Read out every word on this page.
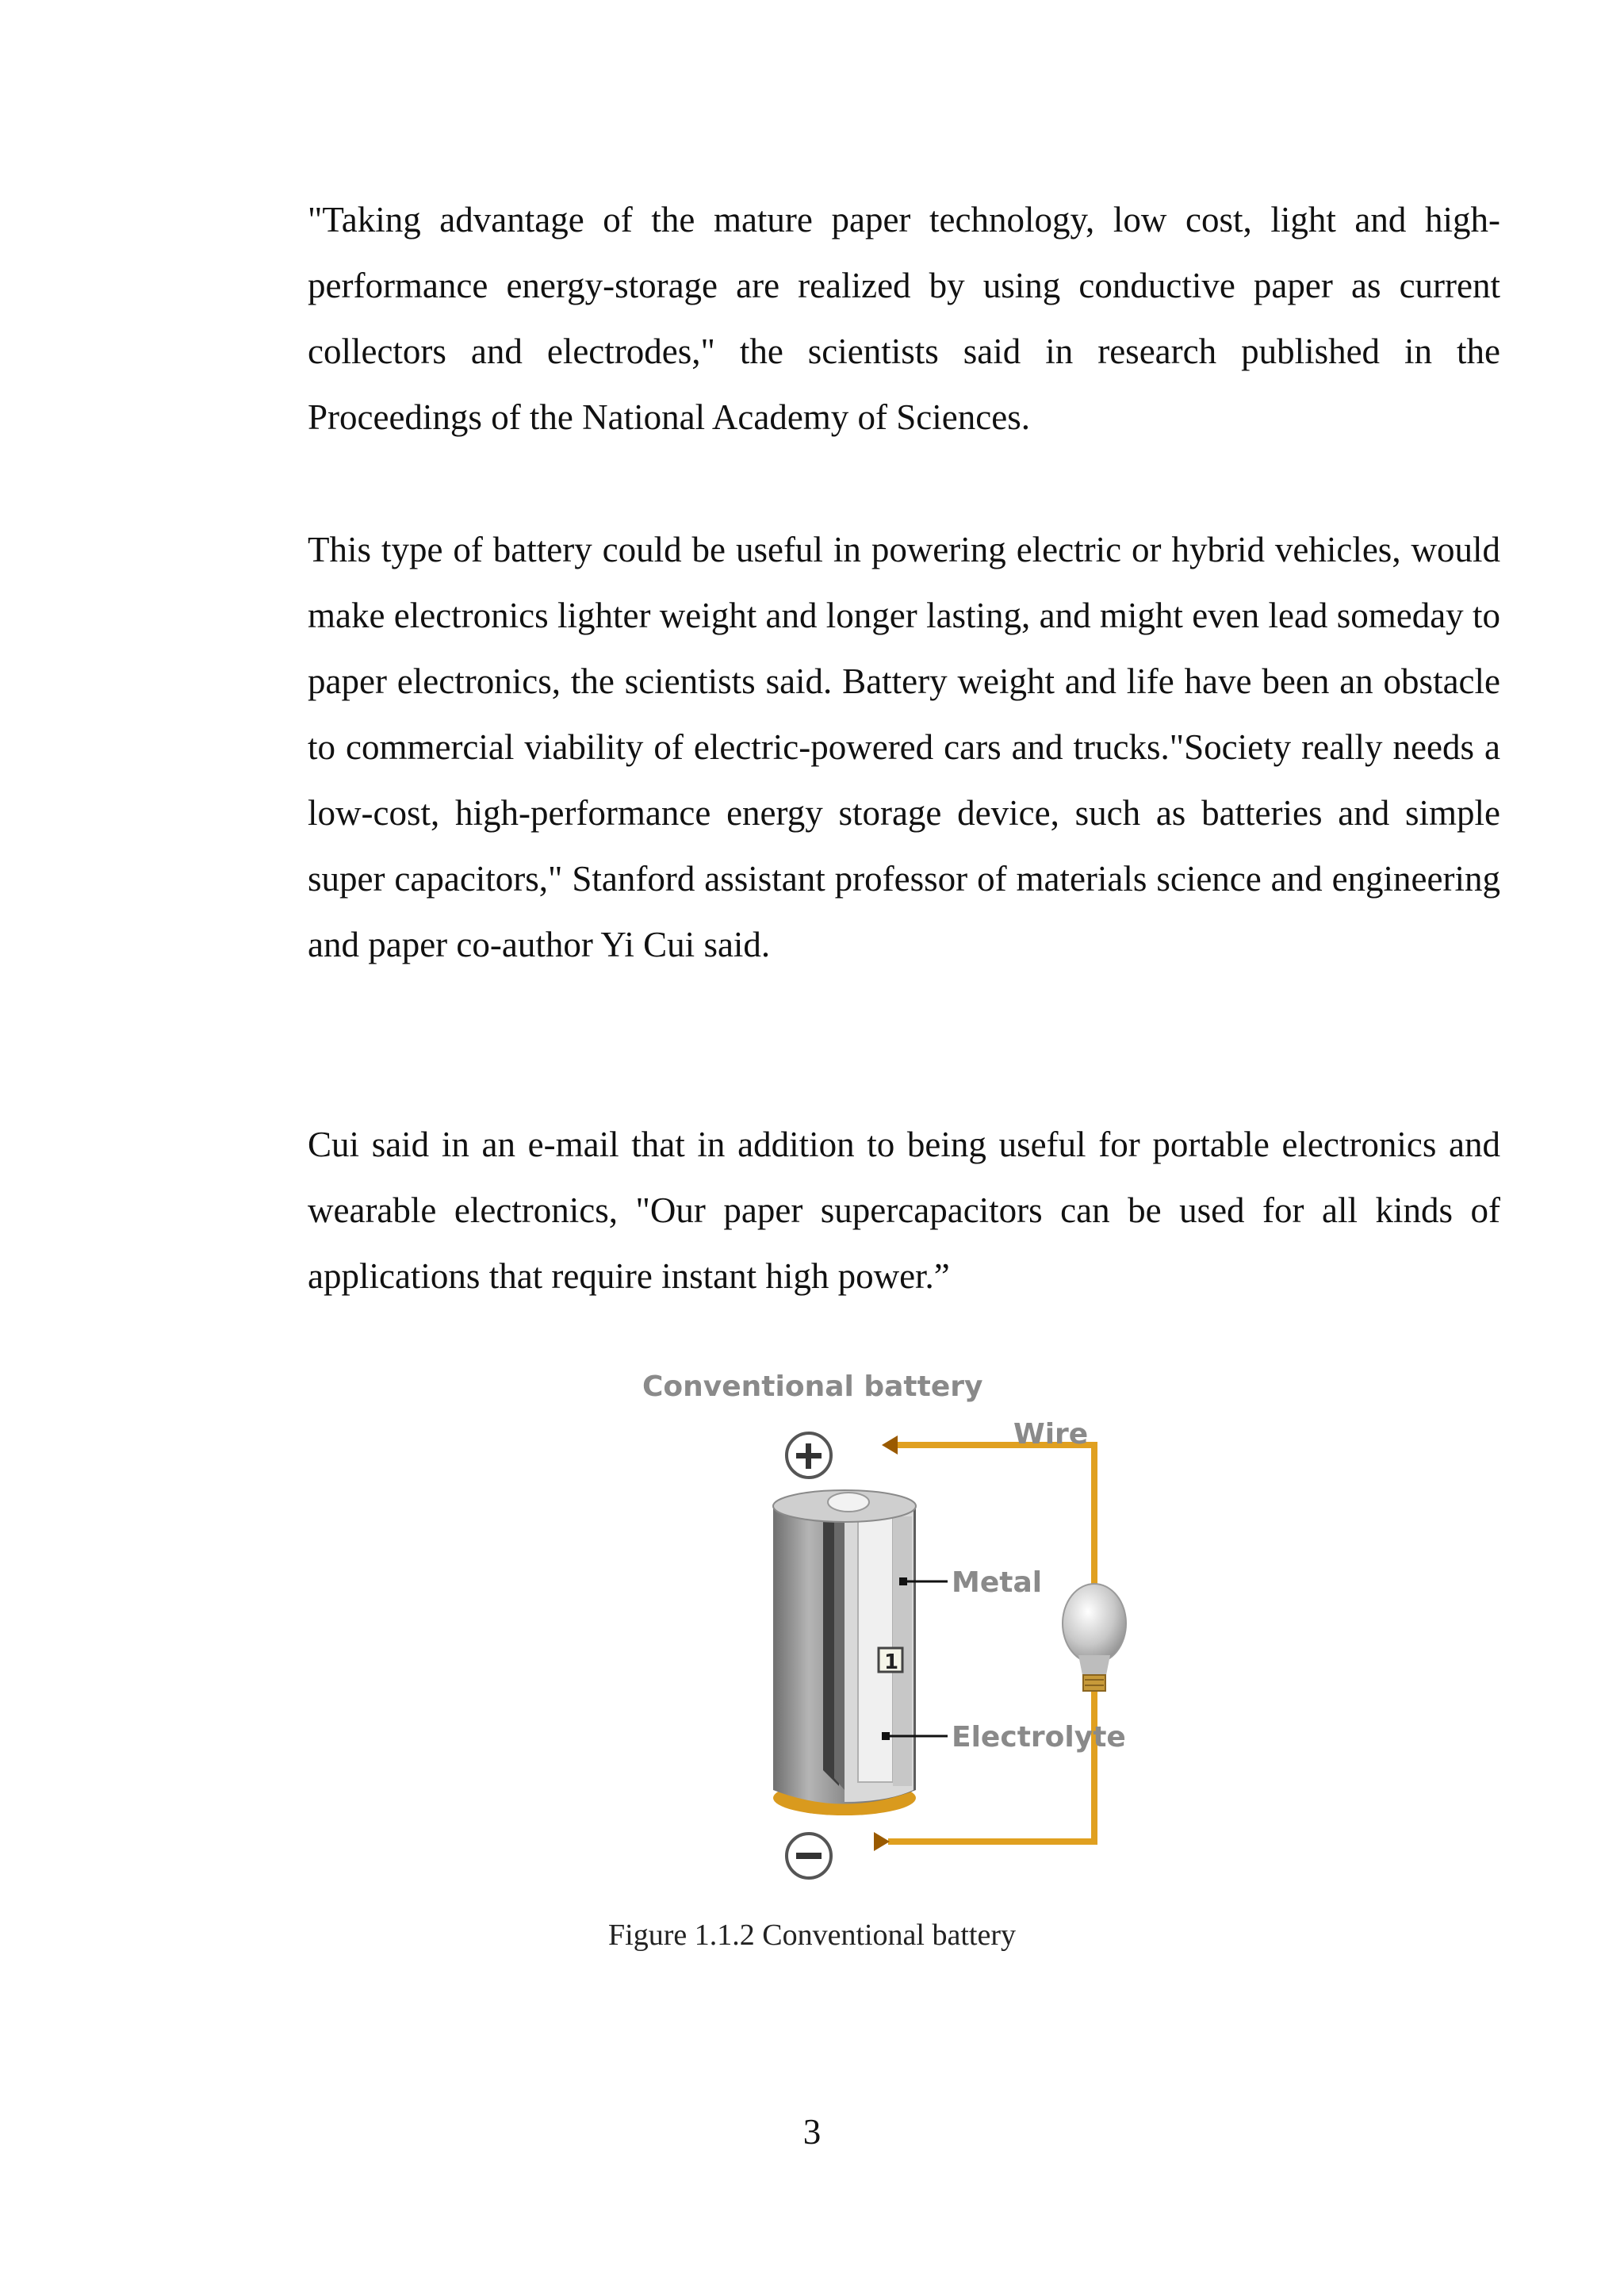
"Taking advantage of the mature paper technology, low cost, light and high-performance energy-storage are realized by using conductive paper as current collectors and electrodes," the scientists said in research published in the Proceedings of the National Academy of Sciences.

This type of battery could be useful in powering electric or hybrid vehicles, would make electronics lighter weight and longer lasting, and might even lead someday to paper electronics, the scientists said. Battery weight and life have been an obstacle to commercial viability of electric-powered cars and trucks."Society really needs a low-cost, high-performance energy storage device, such as batteries and simple super capacitors," Stanford assistant professor of materials science and engineering and paper co-author Yi Cui said.

Cui said in an e-mail that in addition to being useful for portable electronics and wearable electronics, "Our paper supercapacitors can be used for all kinds of applications that require instant high power.”

Conventional battery
Wire
1
Metal
Electrolyte
Figure 1.1.2 Conventional battery
3
